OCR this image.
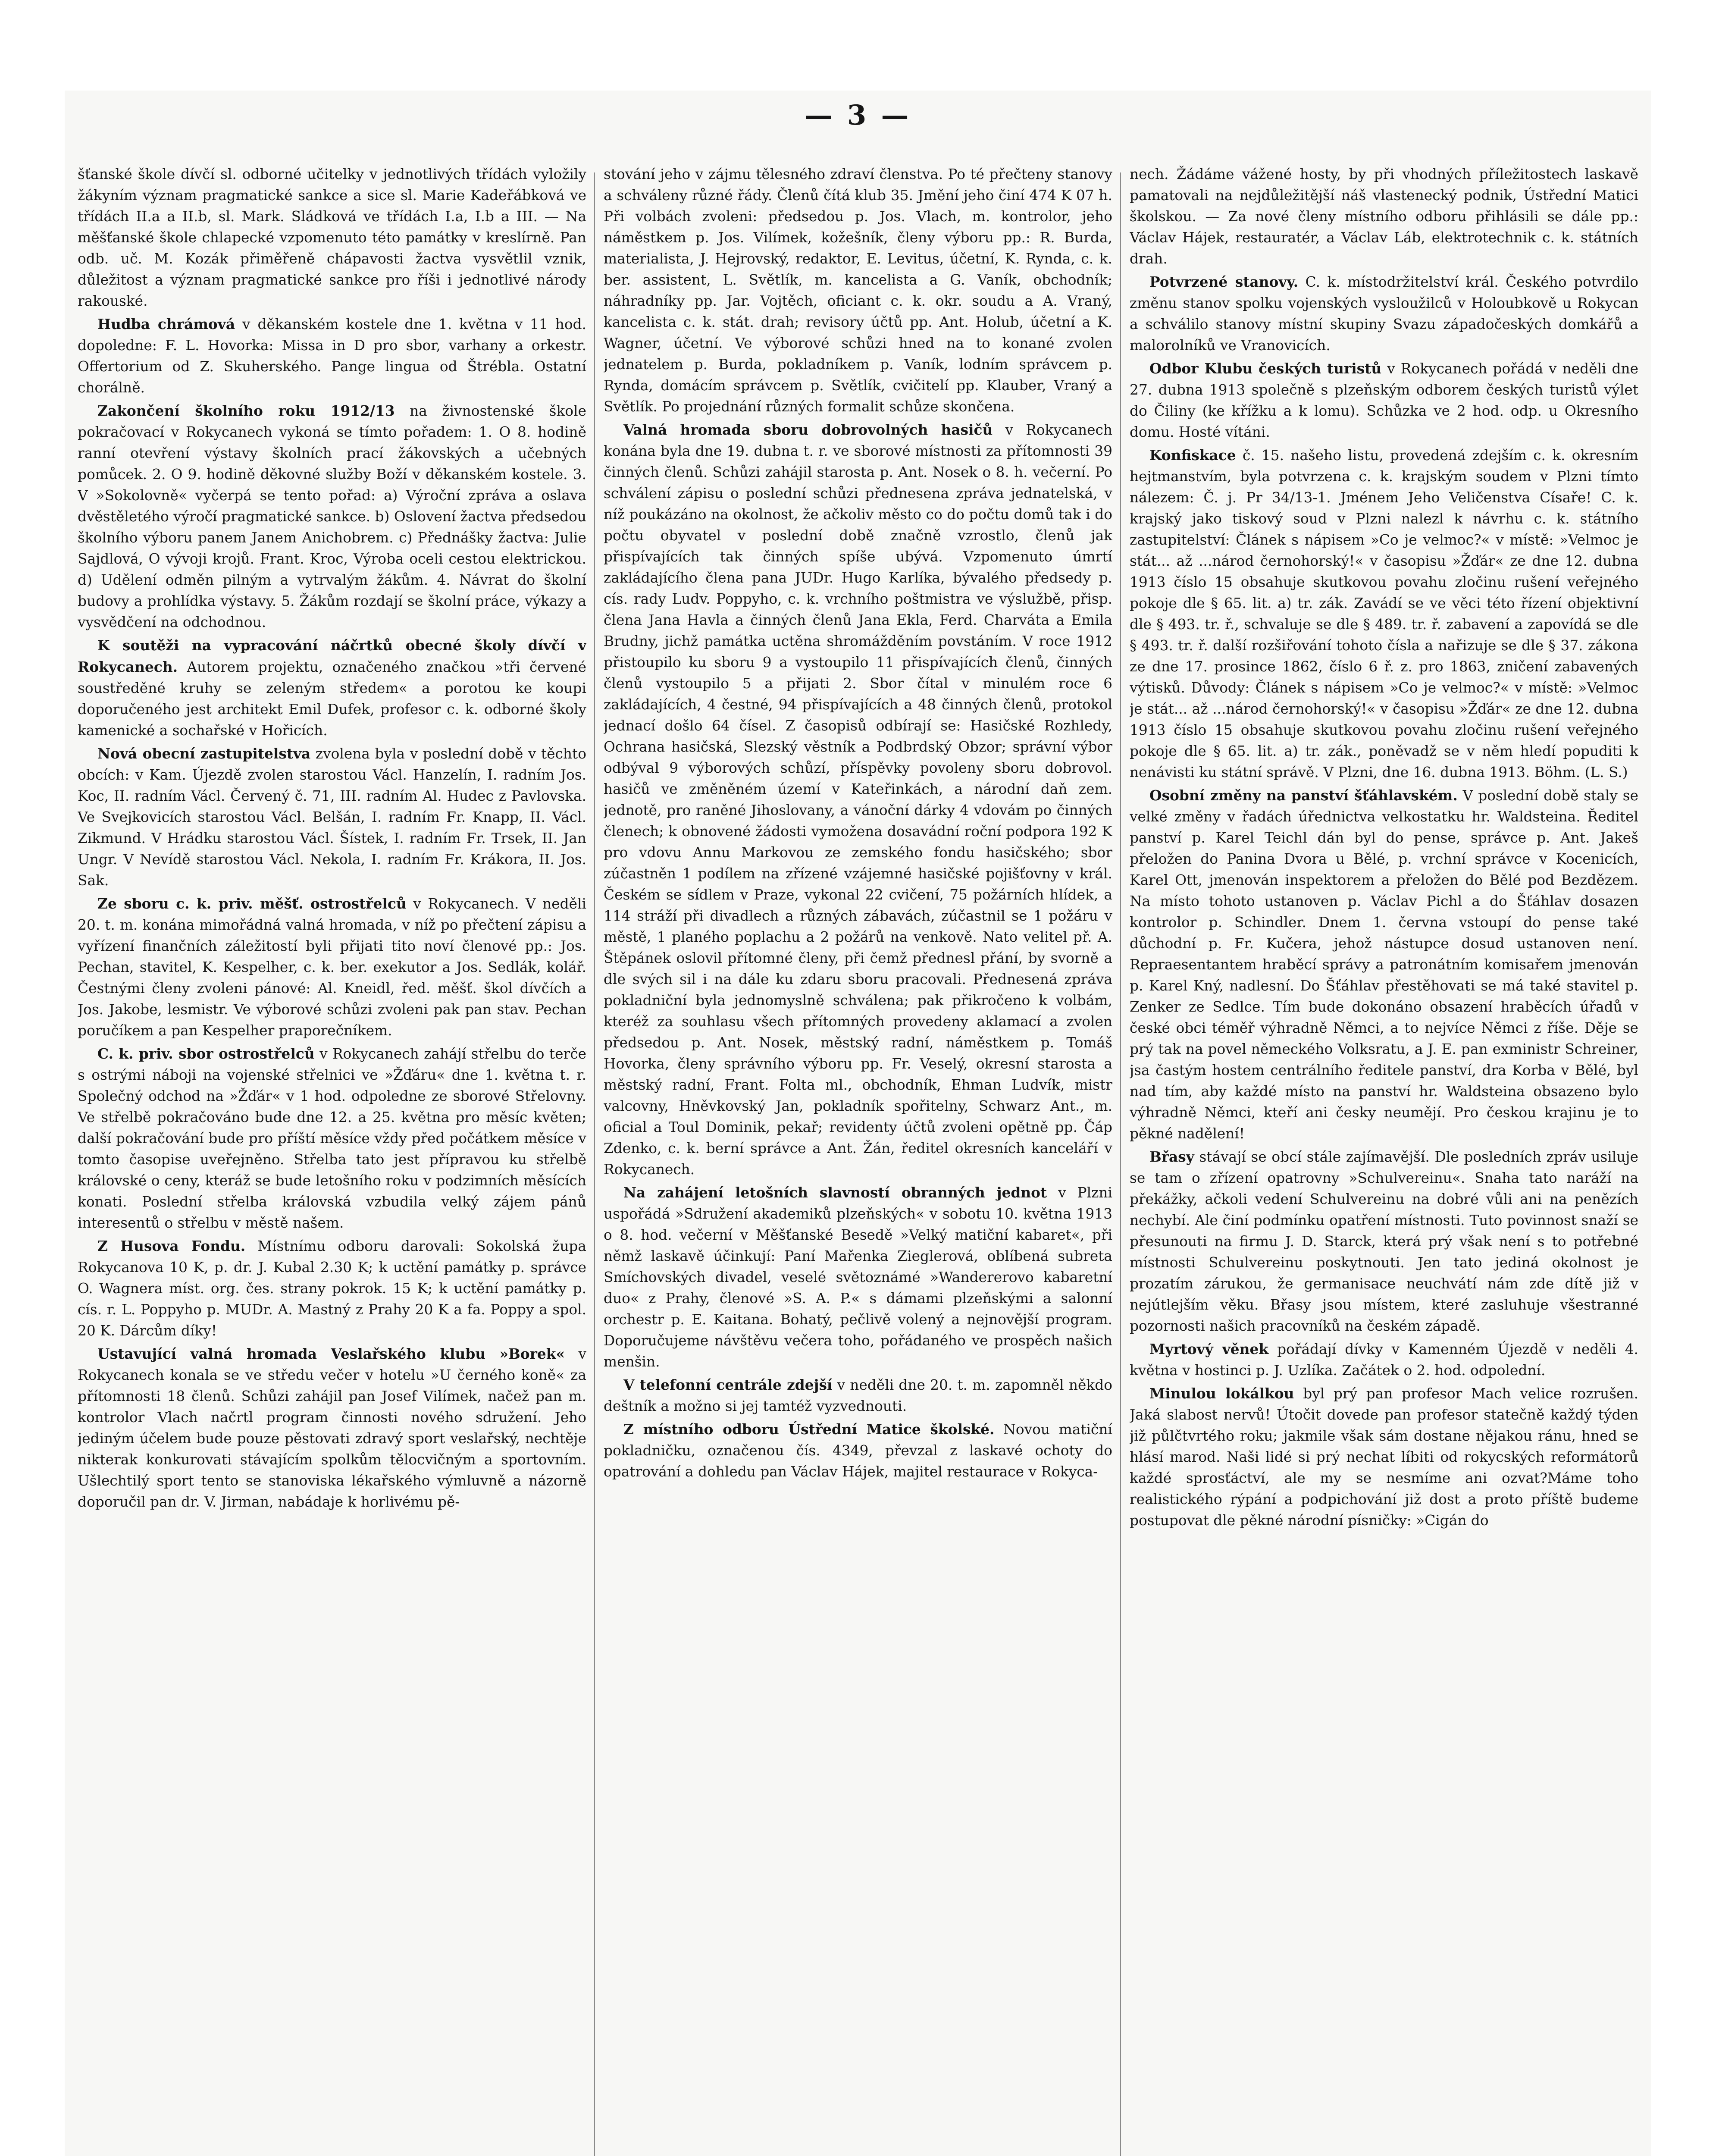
— 3 —

šťanské škole dívčí sl. odborné učitelky v jednotlivých třídách vyložily žákyním význam pragmatické sankce a sice sl. Marie Kadeřábková ve třídách II.a a II.b, sl. Mark. Sládková ve třídách I.a, I.b a III. — Na měšťanské škole chlapecké vzpomenuto této památky v kreslírně. Pan odb. uč. M. Kozák přiměřeně chápavosti žactva vysvětlil vznik, důležitost a význam pragmatické sankce pro říši i jednotlivé národy rakouské.

Hudba chrámová v děkanském kostele dne 1. května v 11 hod. dopoledne: F. L. Hovorka: Missa in D pro sbor, varhany a orkestr. Offertorium od Z. Skuherského. Pange lingua od Štrébla. Ostatní chorálně.

Zakončení školního roku 1912/13 na živnostenské škole pokračovací v Rokycanech vykoná se tímto pořadem: 1. O 8. hodině ranní otevření výstavy školních prací žákovských a učebných pomůcek. 2. O 9. hodině děkovné služby Boží v děkanském kostele. 3. V »Sokolovně« vyčerpá se tento pořad: a) Výroční zpráva a oslava dvěstěletého výročí pragmatické sankce. b) Oslovení žactva předsedou školního výboru panem Janem Anichobrem. c) Přednášky žactva: Julie Sajdlová, O vývoji krojů. Frant. Kroc, Výroba oceli cestou elektrickou. d) Udělení odměn pilným a vytrvalým žákům. 4. Návrat do školní budovy a prohlídka výstavy. 5. Žákům rozdají se školní práce, výkazy a vysvědčení na odchodnou.

K soutěži na vypracování náčrtků obecné školy dívčí v Rokycanech. Autorem projektu, označeného značkou »tři červené soustředěné kruhy se zeleným středem« a porotou ke koupi doporučeného jest architekt Emil Dufek, profesor c. k. odborné školy kamenické a sochařské v Hořicích.

Nová obecní zastupitelstva zvolena byla v poslední době v těchto obcích: v Kam. Újezdě zvolen starostou Václ. Hanzelín, I. radním Jos. Koc, II. radním Václ. Červený č. 71, III. radním Al. Hudec z Pavlovska. Ve Svejkovicích starostou Václ. Belšán, I. radním Fr. Knapp, II. Václ. Zikmund. V Hrádku starostou Václ. Šístek, I. radním Fr. Trsek, II. Jan Ungr. V Nevídě starostou Václ. Nekola, I. radním Fr. Krákora, II. Jos. Sak.

Ze sboru c. k. priv. měšť. ostrostřelců v Rokycanech. V neděli 20. t. m. konána mimořádná valná hromada, v níž po přečtení zápisu a vyřízení finančních záležitostí byli přijati tito noví členové pp.: Jos. Pechan, stavitel, K. Kespelher, c. k. ber. exekutor a Jos. Sedlák, kolář. Čestnými členy zvoleni pánové: Al. Kneidl, řed. měšť. škol dívčích a Jos. Jakobe, lesmistr. Ve výborové schůzi zvoleni pak pan stav. Pechan poručíkem a pan Kespelher praporečníkem.

C. k. priv. sbor ostrostřelců v Rokycanech zahájí střelbu do terče s ostrými náboji na vojenské střelnici ve »Žďáru« dne 1. května t. r. Společný odchod na »Žďár« v 1 hod. odpoledne ze sborové Střelovny. Ve střelbě pokračováno bude dne 12. a 25. května pro měsíc květen; další pokračování bude pro příští měsíce vždy před počátkem měsíce v tomto časopise uveřejněno. Střelba tato jest přípravou ku střelbě královské o ceny, kteráž se bude letošního roku v podzimních měsících konati. Poslední střelba královská vzbudila velký zájem pánů interesentů o střelbu v městě našem.

Z Husova Fondu. Místnímu odboru darovali: Sokolská župa Rokycanova 10 K, p. dr. J. Kubal 2.30 K; k uctění památky p. správce O. Wagnera míst. org. čes. strany pokrok. 15 K; k uctění památky p. cís. r. L. Poppyho p. MUDr. A. Mastný z Prahy 20 K a fa. Poppy a spol. 20 K. Dárcům díky!

Ustavující valná hromada Veslařského klubu »Borek« v Rokycanech konala se ve středu večer v hotelu »U černého koně« za přítomnosti 18 členů. Schůzi zahájil pan Josef Vilímek, načež pan m. kontrolor Vlach načrtl program činnosti nového sdružení. Jeho jediným účelem bude pouze pěstovati zdravý sport veslařský, nechtěje nikterak konkurovati stávajícím spolkům tělocvičným a sportovním. Ušlechtilý sport tento se stanoviska lékařského výmluvně a názorně doporučil pan dr. V. Jirman, nabádaje k horlivému pě-

stování jeho v zájmu tělesného zdraví členstva. Po té přečteny stanovy a schváleny různé řády. Členů čítá klub 35. Jmění jeho činí 474 K 07 h. Při volbách zvoleni: předsedou p. Jos. Vlach, m. kontrolor, jeho náměstkem p. Jos. Vilímek, kožešník, členy výboru pp.: R. Burda, materialista, J. Hejrovský, redaktor, E. Levitus, účetní, K. Rynda, c. k. ber. assistent, L. Světlík, m. kancelista a G. Vaník, obchodník; náhradníky pp. Jar. Vojtěch, oficiant c. k. okr. soudu a A. Vraný, kancelista c. k. stát. drah; revisory účtů pp. Ant. Holub, účetní a K. Wagner, účetní. Ve výborové schůzi hned na to konané zvolen jednatelem p. Burda, pokladníkem p. Vaník, lodním správcem p. Rynda, domácím správcem p. Světlík, cvičitelí pp. Klauber, Vraný a Světlík. Po projednání různých formalit schůze skončena.

Valná hromada sboru dobrovolných hasičů v Rokycanech konána byla dne 19. dubna t. r. ve sborové místnosti za přítomnosti 39 činných členů. Schůzi zahájil starosta p. Ant. Nosek o 8. h. večerní. Po schválení zápisu o poslední schůzi přednesena zpráva jednatelská, v níž poukázáno na okolnost, že ačkoliv město co do počtu domů tak i do počtu obyvatel v poslední době značně vzrostlo, členů jak přispívajících tak činných spíše ubývá. Vzpomenuto úmrtí zakládajícího člena pana JUDr. Hugo Karlíka, bývalého předsedy p. cís. rady Ludv. Poppyho, c. k. vrchního poštmistra ve výslužbě, přisp. člena Jana Havla a činných členů Jana Ekla, Ferd. Charváta a Emila Brudny, jichž památka uctěna shromážděním povstáním. V roce 1912 přistoupilo ku sboru 9 a vystoupilo 11 přispívajících členů, činných členů vystoupilo 5 a přijati 2. Sbor čítal v minulém roce 6 zakládajících, 4 čestné, 94 přispívajících a 48 činných členů, protokol jednací došlo 64 čísel. Z časopisů odbírají se: Hasičské Rozhledy, Ochrana hasičská, Slezský věstník a Podbrdský Obzor; správní výbor odbýval 9 výborových schůzí, příspěvky povoleny sboru dobrovol. hasičů ve změněném území v Kateřinkách, a národní daň zem. jednotě, pro raněné Jihoslovany, a vánoční dárky 4 vdovám po činných členech; k obnovené žádosti vymožena dosavádní roční podpora 192 K pro vdovu Annu Markovou ze zemského fondu hasičského; sbor zúčastněn 1 podílem na zřízené vzájemné hasičské pojišťovny v král. Českém se sídlem v Praze, vykonal 22 cvičení, 75 požárních hlídek, a 114 stráží při divadlech a různých zábavách, zúčastnil se 1 požáru v městě, 1 planého poplachu a 2 požárů na venkově. Nato velitel př. A. Štěpánek oslovil přítomné členy, při čemž přednesl přání, by svorně a dle svých sil i na dále ku zdaru sboru pracovali. Přednesená zpráva pokladniční byla jednomyslně schválena; pak přikročeno k volbám, kteréž za souhlasu všech přítomných provedeny aklamací a zvolen předsedou p. Ant. Nosek, městský radní, náměstkem p. Tomáš Hovorka, členy správního výboru pp. Fr. Veselý, okresní starosta a městský radní, Frant. Folta ml., obchodník, Ehman Ludvík, mistr valcovny, Hněvkovský Jan, pokladník spořitelny, Schwarz Ant., m. oficial a Toul Dominik, pekař; revidenty účtů zvoleni opětně pp. Čáp Zdenko, c. k. berní správce a Ant. Žán, ředitel okresních kanceláří v Rokycanech.

Na zahájení letošních slavností obranných jednot v Plzni uspořádá »Sdružení akademiků plzeňských« v sobotu 10. května 1913 o 8. hod. večerní v Měšťanské Besedě »Velký matiční kabaret«, při němž laskavě účinkují: Paní Mařenka Zieglerová, oblíbená subreta Smíchovských divadel, veselé světoznámé »Wandererovo kabaretní duo« z Prahy, členové »S. A. P.« s dámami plzeňskými a salonní orchestr p. E. Kaitana. Bohatý, pečlivě volený a nejnovější program. Doporučujeme návštěvu večera toho, pořádaného ve prospěch našich menšin.

V telefonní centrále zdejší v neděli dne 20. t. m. zapomněl někdo deštník a možno si jej tamtéž vyzvednouti.

Z místního odboru Ústřední Matice školské. Novou matiční pokladničku, označenou čís. 4349, převzal z laskavé ochoty do opatrování a dohledu pan Václav Hájek, majitel restaurace v Rokyca-

nech. Žádáme vážené hosty, by při vhodných příležitostech laskavě pamatovali na nejdůležitější náš vlastenecký podnik, Ústřední Matici školskou. — Za nové členy místního odboru přihlásili se dále pp.: Václav Hájek, restauratér, a Václav Láb, elektrotechnik c. k. státních drah.

Potvrzené stanovy. C. k. místodržitelství král. Českého potvrdilo změnu stanov spolku vojenských vysloužilců v Holoubkově u Rokycan a schválilo stanovy místní skupiny Svazu západočeských domkářů a malorolníků ve Vranovicích.

Odbor Klubu českých turistů v Rokycanech pořádá v neděli dne 27. dubna 1913 společně s plzeňským odborem českých turistů výlet do Čiliny (ke křížku a k lomu). Schůzka ve 2 hod. odp. u Okresního domu. Hosté vítáni.

Konfiskace č. 15. našeho listu, provedená zdejším c. k. okresním hejtmanstvím, byla potvrzena c. k. krajským soudem v Plzni tímto nálezem: Č. j. Pr 34/13-1. Jménem Jeho Veličenstva Císaře! C. k. krajský jako tiskový soud v Plzni nalezl k návrhu c. k. státního zastupitelství: Článek s nápisem »Co je velmoc?« v místě: »Velmoc je stát... až ...národ černohorský!« v časopisu »Žďár« ze dne 12. dubna 1913 číslo 15 obsahuje skutkovou povahu zločinu rušení veřejného pokoje dle § 65. lit. a) tr. zák. Zavádí se ve věci této řízení objektivní dle § 493. tr. ř., schvaluje se dle § 489. tr. ř. zabavení a zapovídá se dle § 493. tr. ř. další rozšiřování tohoto čísla a nařizuje se dle § 37. zákona ze dne 17. prosince 1862, číslo 6 ř. z. pro 1863, zničení zabavených výtisků. Důvody: Článek s nápisem »Co je velmoc?« v místě: »Velmoc je stát... až ...národ černohorský!« v časopisu »Žďár« ze dne 12. dubna 1913 číslo 15 obsahuje skutkovou povahu zločinu rušení veřejného pokoje dle § 65. lit. a) tr. zák., poněvadž se v něm hledí popuditi k nenávisti ku státní správě. V Plzni, dne 16. dubna 1913. Böhm. (L. S.)

Osobní změny na panství šťáhlavském. V poslední době staly se velké změny v řadách úřednictva velkostatku hr. Waldsteina. Ředitel panství p. Karel Teichl dán byl do pense, správce p. Ant. Jakeš přeložen do Panina Dvora u Bělé, p. vrchní správce v Kocenicích, Karel Ott, jmenován inspektorem a přeložen do Bělé pod Bezdězem. Na místo tohoto ustanoven p. Václav Pichl a do Šťáhlav dosazen kontrolor p. Schindler. Dnem 1. června vstoupí do pense také důchodní p. Fr. Kučera, jehož nástupce dosud ustanoven není. Repraesentantem hraběcí správy a patronátním komisařem jmenován p. Karel Kný, nadlesní. Do Šťáhlav přestěhovati se má také stavitel p. Zenker ze Sedlce. Tím bude dokonáno obsazení hraběcích úřadů v české obci téměř výhradně Němci, a to nejvíce Němci z říše. Děje se prý tak na povel německého Volksratu, a J. E. pan exministr Schreiner, jsa častým hostem centrálního ředitele panství, dra Korba v Bělé, byl nad tím, aby každé místo na panství hr. Waldsteina obsazeno bylo výhradně Němci, kteří ani česky neumějí. Pro českou krajinu je to pěkné nadělení!

Břasy stávají se obcí stále zajímavější. Dle posledních zpráv usiluje se tam o zřízení opatrovny »Schulvereinu«. Snaha tato naráží na překážky, ačkoli vedení Schulvereinu na dobré vůli ani na penězích nechybí. Ale činí podmínku opatření místnosti. Tuto povinnost snaží se přesunouti na firmu J. D. Starck, která prý však není s to potřebné místnosti Schulvereinu poskytnouti. Jen tato jediná okolnost je prozatím zárukou, že germanisace neuchvátí nám zde dítě již v nejútlejším věku. Břasy jsou místem, které zasluhuje všestranné pozornosti našich pracovníků na českém západě.

Myrtový věnek pořádají dívky v Kamenném Újezdě v neděli 4. května v hostinci p. J. Uzlíka. Začátek o 2. hod. odpolední.

Minulou lokálkou byl prý pan profesor Mach velice rozrušen. Jaká slabost nervů! Útočit dovede pan profesor statečně každý týden již půlčtvrtého roku; jakmile však sám dostane nějakou ránu, hned se hlásí marod. Naši lidé si prý nechat líbiti od rokycských reformátorů každé sprosťáctví, ale my se nesmíme ani ozvat?Máme toho realistického rýpání a podpichování již dost a proto příště budeme postupovat dle pěkné národní písničky: »Cigán do
